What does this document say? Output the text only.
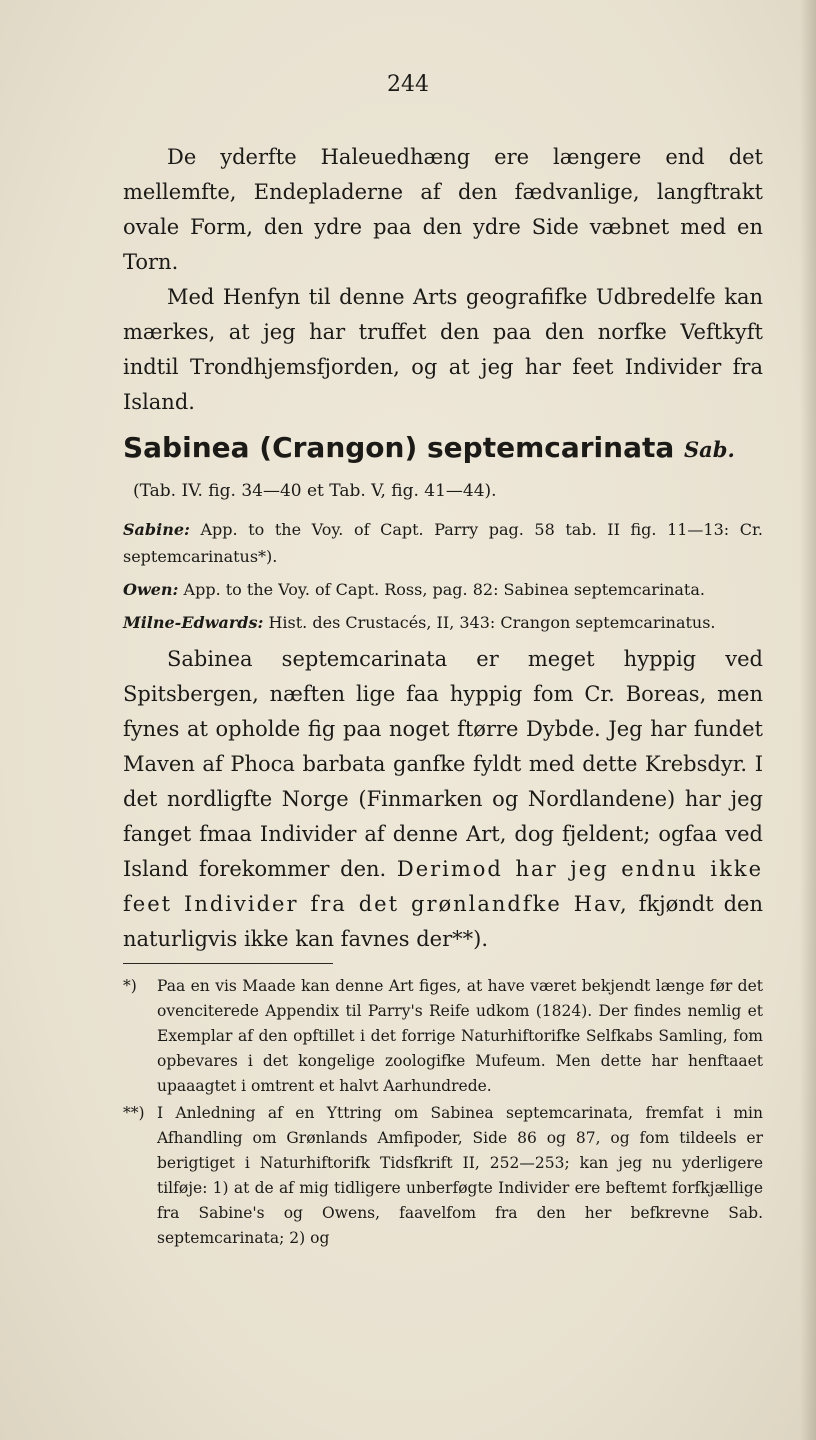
244

De yderfte Haleuedhæng ere længere end det mellemfte, Endepladerne af den fædvanlige, langftrakt ovale Form, den ydre paa den ydre Side væbnet med en Torn.

Med Henfyn til denne Arts geografifke Udbredelfe kan mærkes, at jeg har truffet den paa den norfke Veftkyft indtil Trondhjemsfjorden, og at jeg har feet Individer fra Island.

Sabinea (Crangon) septemcarinata Sab.

(Tab. IV. fig. 34—40 et Tab. V, fig. 41—44).

Sabine: App. to the Voy. of Capt. Parry pag. 58 tab. II fig. 11—13: Cr. septemcarinatus*).

Owen: App. to the Voy. of Capt. Ross, pag. 82: Sabinea septemcarinata.

Milne-Edwards: Hist. des Crustacés, II, 343: Crangon septemcarinatus.

Sabinea septemcarinata er meget hyppig ved Spitsbergen, næften lige faa hyppig fom Cr. Boreas, men fynes at opholde fig paa noget ftørre Dybde. Jeg har fundet Maven af Phoca barbata ganfke fyldt med dette Krebsdyr. I det nordligfte Norge (Finmarken og Nordlandene) har jeg fanget fmaa Individer af denne Art, dog fjeldent; ogfaa ved Island forekommer den. Derimod har jeg endnu ikke feet Individer fra det grønlandfke Hav, fkjøndt den naturligvis ikke kan favnes der**).

*) Paa en vis Maade kan denne Art figes, at have været bekjendt længe før det ovenciterede Appendix til Parry's Reife udkom (1824). Der findes nemlig et Exemplar af den opftillet i det forrige Naturhiftorifke Selfkabs Samling, fom opbevares i det kongelige zoologifke Mufeum. Men dette har henftaaet upaaagtet i omtrent et halvt Aarhundrede.

**) I Anledning af en Yttring om Sabinea septemcarinata, fremfat i min Afhandling om Grønlands Amfipoder, Side 86 og 87, og fom tildeels er berigtiget i Naturhiftorifk Tidsfkrift II, 252—253; kan jeg nu yderligere tilføje: 1) at de af mig tidligere unberføgte Individer ere beftemt forfkjællige fra Sabine's og Owens, faavelfom fra den her befkrevne Sab. septemcarinata; 2) og
